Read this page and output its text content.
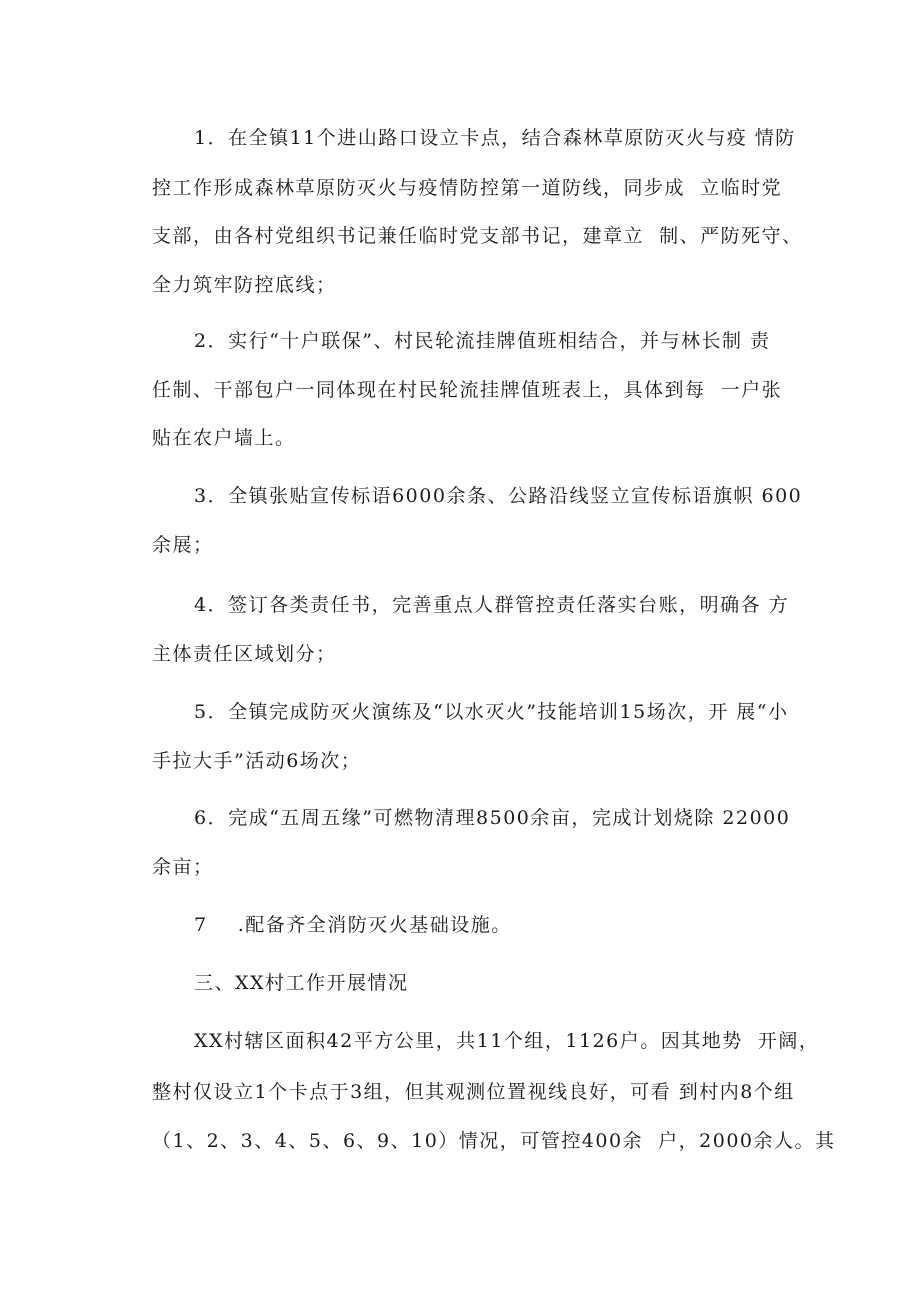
1．在全镇11个进山路口设立卡点，结合森林草原防灭火与疫 情防
控工作形成森林草原防灭火与疫情防控第一道防线，同步成  立临时党
支部，由各村党组织书记兼任临时党支部书记，建章立  制、严防死守、
全力筑牢防控底线；
2．实行“十户联保”、村民轮流挂牌值班相结合，并与林长制 责
任制、干部包户一同体现在村民轮流挂牌值班表上，具体到每  一户张
贴在农户墙上。
3．全镇张贴宣传标语6000余条、公路沿线竖立宣传标语旗帜 600
余展；
4．签订各类责任书，完善重点人群管控责任落实台账，明确各 方
主体责任区域划分；
5．全镇完成防灭火演练及“以水灭火”技能培训15场次，开 展“小
手拉大手”活动6场次；
6．完成“五周五缘”可燃物清理8500余亩，完成计划烧除 22000
余亩；
7    .配备齐全消防灭火基础设施。
三、XX村工作开展情况
XX村辖区面积42平方公里，共11个组，1126户。因其地势  开阔，
整村仅设立1个卡点于3组，但其观测位置视线良好，可看 到村内8个组
（1、2、3、4、5、6、9、10）情况，可管控400余  户，2000余人。其
